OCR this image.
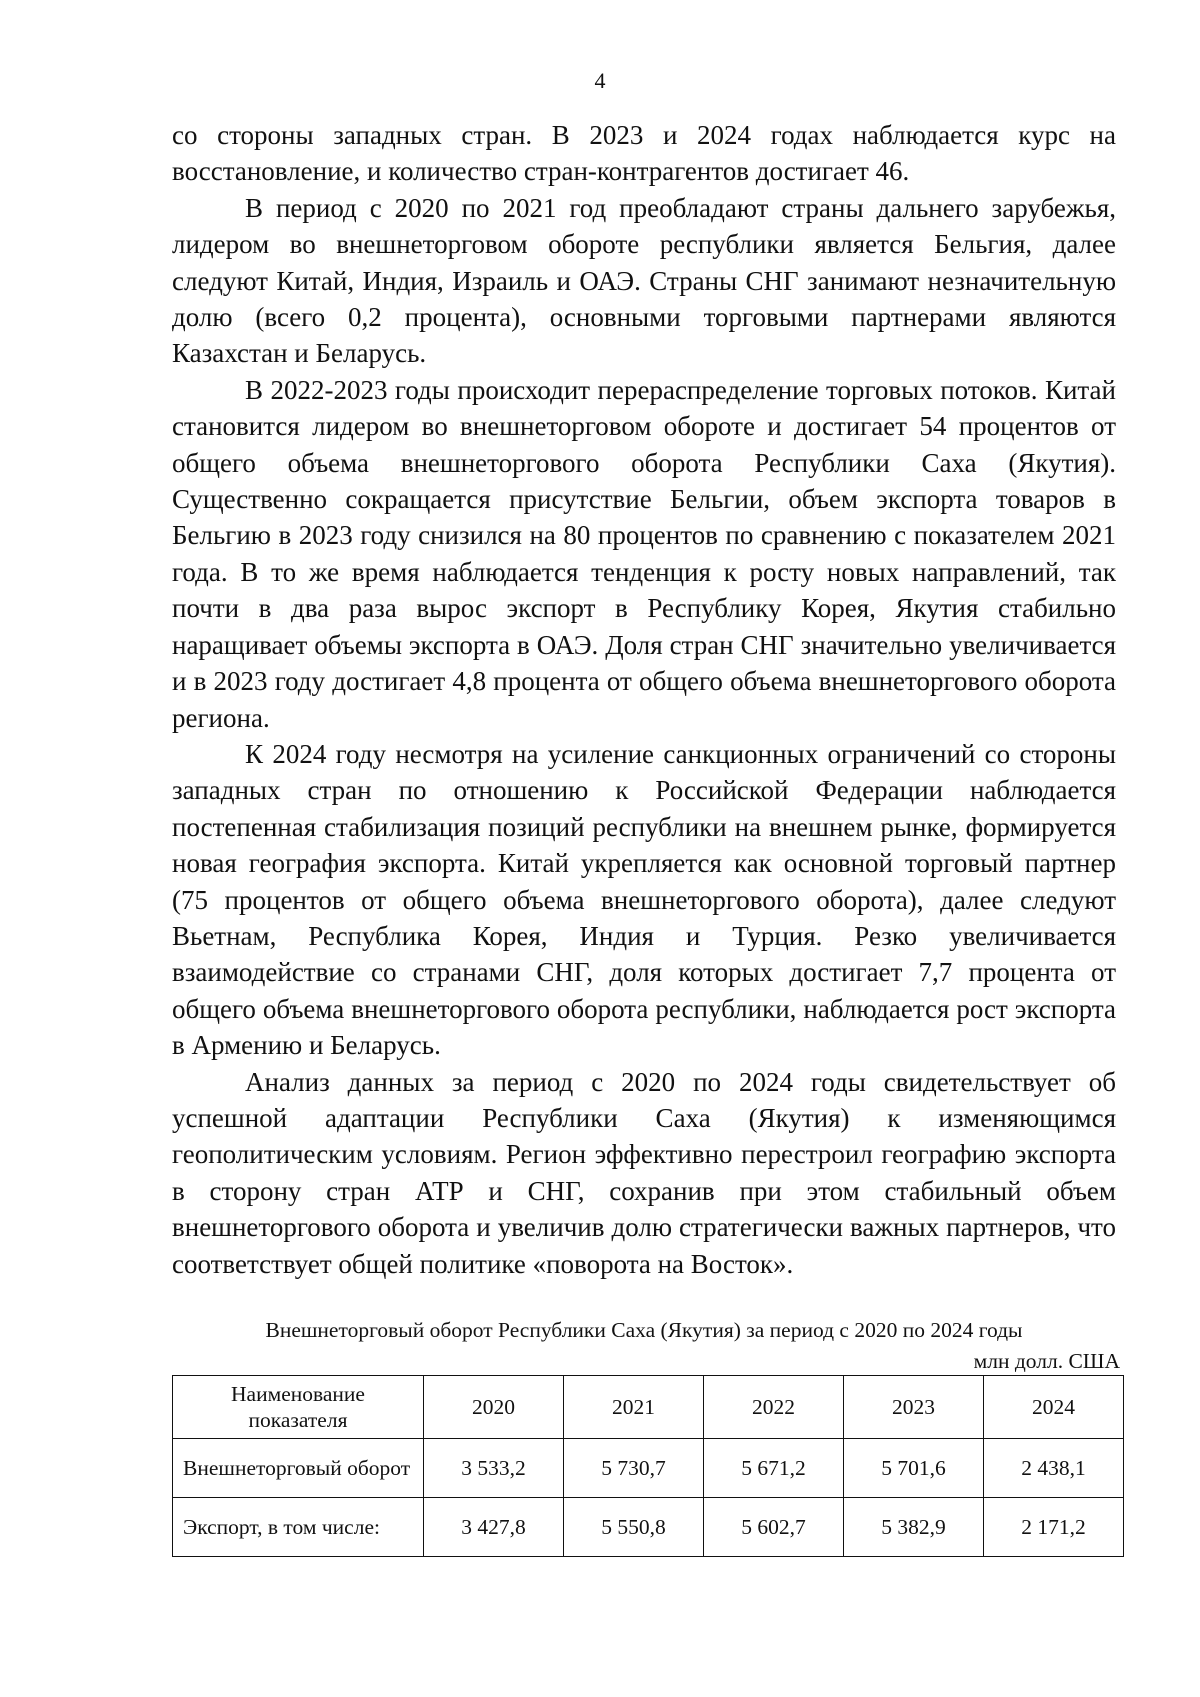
4

со стороны западных стран. В 2023 и 2024 годах наблюдается курс на восстановление, и количество стран-контрагентов достигает 46.

В период с 2020 по 2021 год преобладают страны дальнего зарубежья, лидером во внешнеторговом обороте республики является Бельгия, далее следуют Китай, Индия, Израиль и ОАЭ. Страны СНГ занимают незначительную долю (всего 0,2 процента), основными торговыми партнерами являются Казахстан и Беларусь.

В 2022-2023 годы происходит перераспределение торговых потоков. Китай становится лидером во внешнеторговом обороте и достигает 54 процентов от общего объема внешнеторгового оборота Республики Саха (Якутия). Существенно сокращается присутствие Бельгии, объем экспорта товаров в Бельгию в 2023 году снизился на 80 процентов по сравнению с показателем 2021 года. В то же время наблюдается тенденция к росту новых направлений, так почти в два раза вырос экспорт в Республику Корея, Якутия стабильно наращивает объемы экспорта в ОАЭ. Доля стран СНГ значительно увеличивается и в 2023 году достигает 4,8 процента от общего объема внешнеторгового оборота региона.

К 2024 году несмотря на усиление санкционных ограничений со стороны западных стран по отношению к Российской Федерации наблюдается постепенная стабилизация позиций республики на внешнем рынке, формируется новая география экспорта. Китай укрепляется как основной торговый партнер (75 процентов от общего объема внешнеторгового оборота), далее следуют Вьетнам, Республика Корея, Индия и Турция. Резко увеличивается взаимодействие со странами СНГ, доля которых достигает 7,7 процента от общего объема внешнеторгового оборота республики, наблюдается рост экспорта в Армению и Беларусь.

Анализ данных за период с 2020 по 2024 годы свидетельствует об успешной адаптации Республики Саха (Якутия) к изменяющимся геополитическим условиям. Регион эффективно перестроил географию экспорта в сторону стран АТР и СНГ, сохранив при этом стабильный объем внешнеторгового оборота и увеличив долю стратегически важных партнеров, что соответствует общей политике «поворота на Восток».

Внешнеторговый оборот Республики Саха (Якутия) за период с 2020 по 2024 годы
млн долл. США
Наименование показателя	2020	2021	2022	2023	2024
Внешнеторговый оборот	3 533,2	5 730,7	5 671,2	5 701,6	2 438,1
Экспорт, в том числе:	3 427,8	5 550,8	5 602,7	5 382,9	2 171,2
